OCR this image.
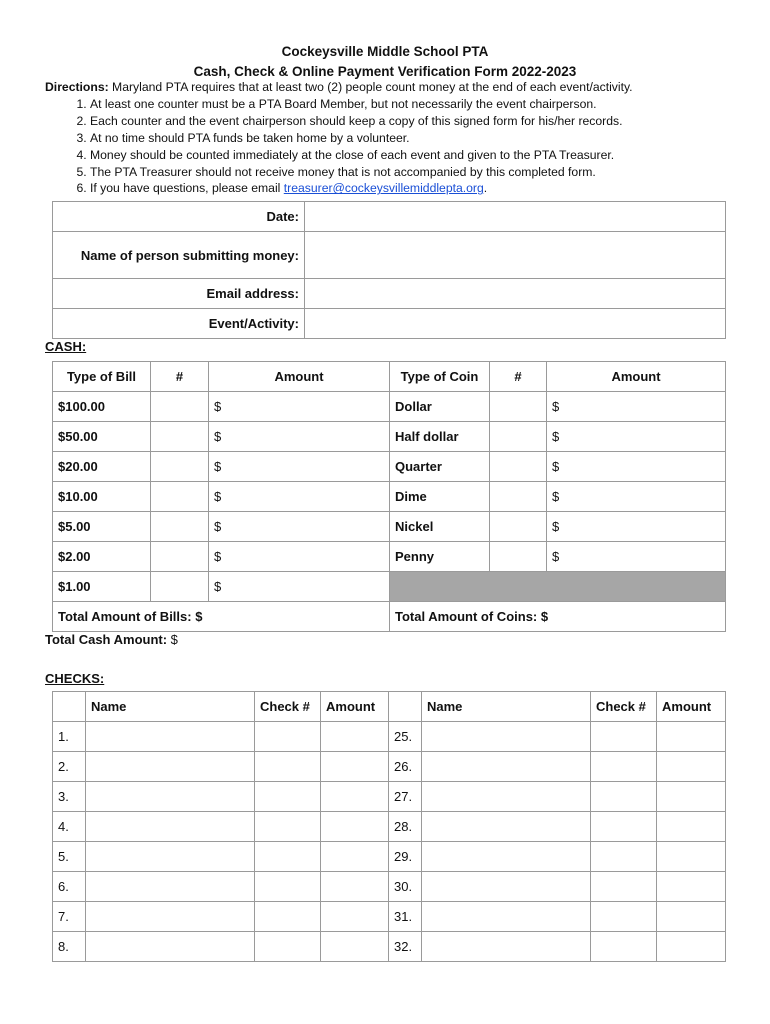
Cockeysville Middle School PTA
Cash, Check & Online Payment Verification Form 2022-2023
Directions: Maryland PTA requires that at least two (2) people count money at the end of each event/activity.
1. At least one counter must be a PTA Board Member, but not necessarily the event chairperson.
2. Each counter and the event chairperson should keep a copy of this signed form for his/her records.
3. At no time should PTA funds be taken home by a volunteer.
4. Money should be counted immediately at the close of each event and given to the PTA Treasurer.
5. The PTA Treasurer should not receive money that is not accompanied by this completed form.
6. If you have questions, please email treasurer@cockeysvillemiddlepta.org.
Date:	
Name of person submitting money:	
Email address:	
Event/Activity:	
CASH:
Type of Bill	#	Amount	Type of Coin	#	Amount
$100.00		$	Dollar		$
$50.00		$	Half dollar		$
$20.00		$	Quarter		$
$10.00		$	Dime		$
$5.00		$	Nickel		$
$2.00		$	Penny		$
$1.00		$			
Total Amount of Bills: $			Total Amount of Coins: $		
Total Cash Amount: $
CHECKS:
	Name	Check #	Amount		Name	Check #	Amount
1.				25.			
2.				26.			
3.				27.			
4.				28.			
5.				29.			
6.				30.			
7.				31.			
8.				32.			
